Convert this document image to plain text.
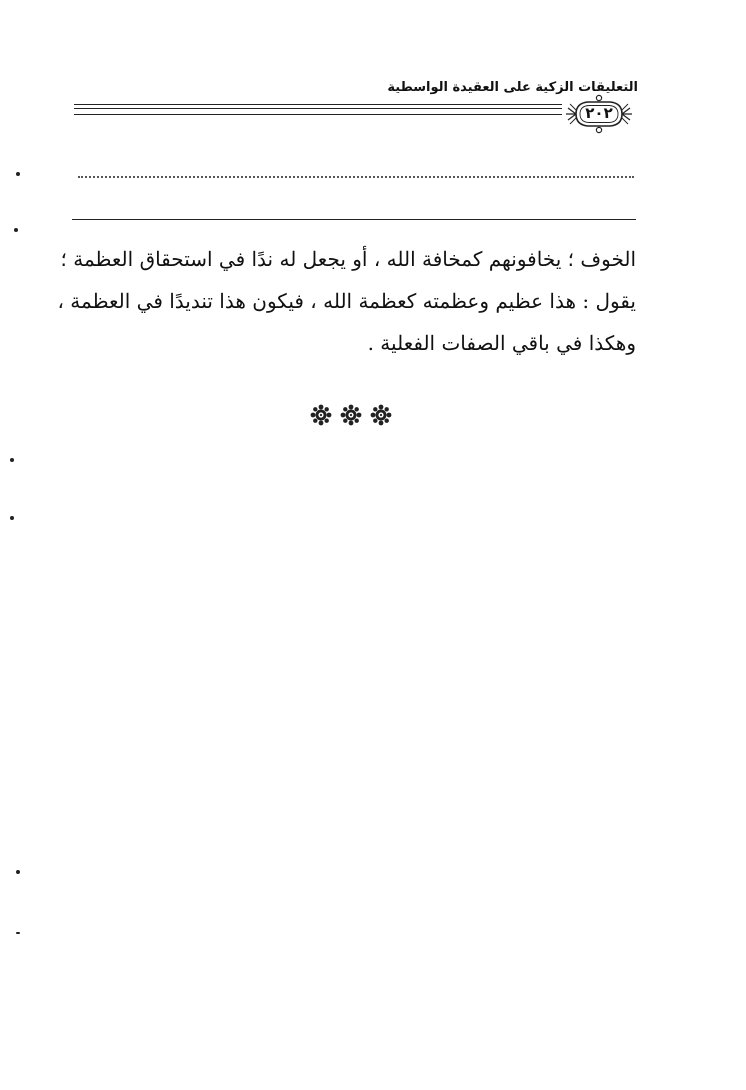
التعليقات الزكية على العقيدة الواسطية
٢٠٢
الخوف ؛ يخافونهم كمخافة الله ، أو يجعل له ندًا في استحقاق العظمة ؛
يقول : هذا عظيم وعظمته كعظمة الله ، فيكون هذا تنديدًا في العظمة ،
وهكذا في باقي الصفات الفعلية .
